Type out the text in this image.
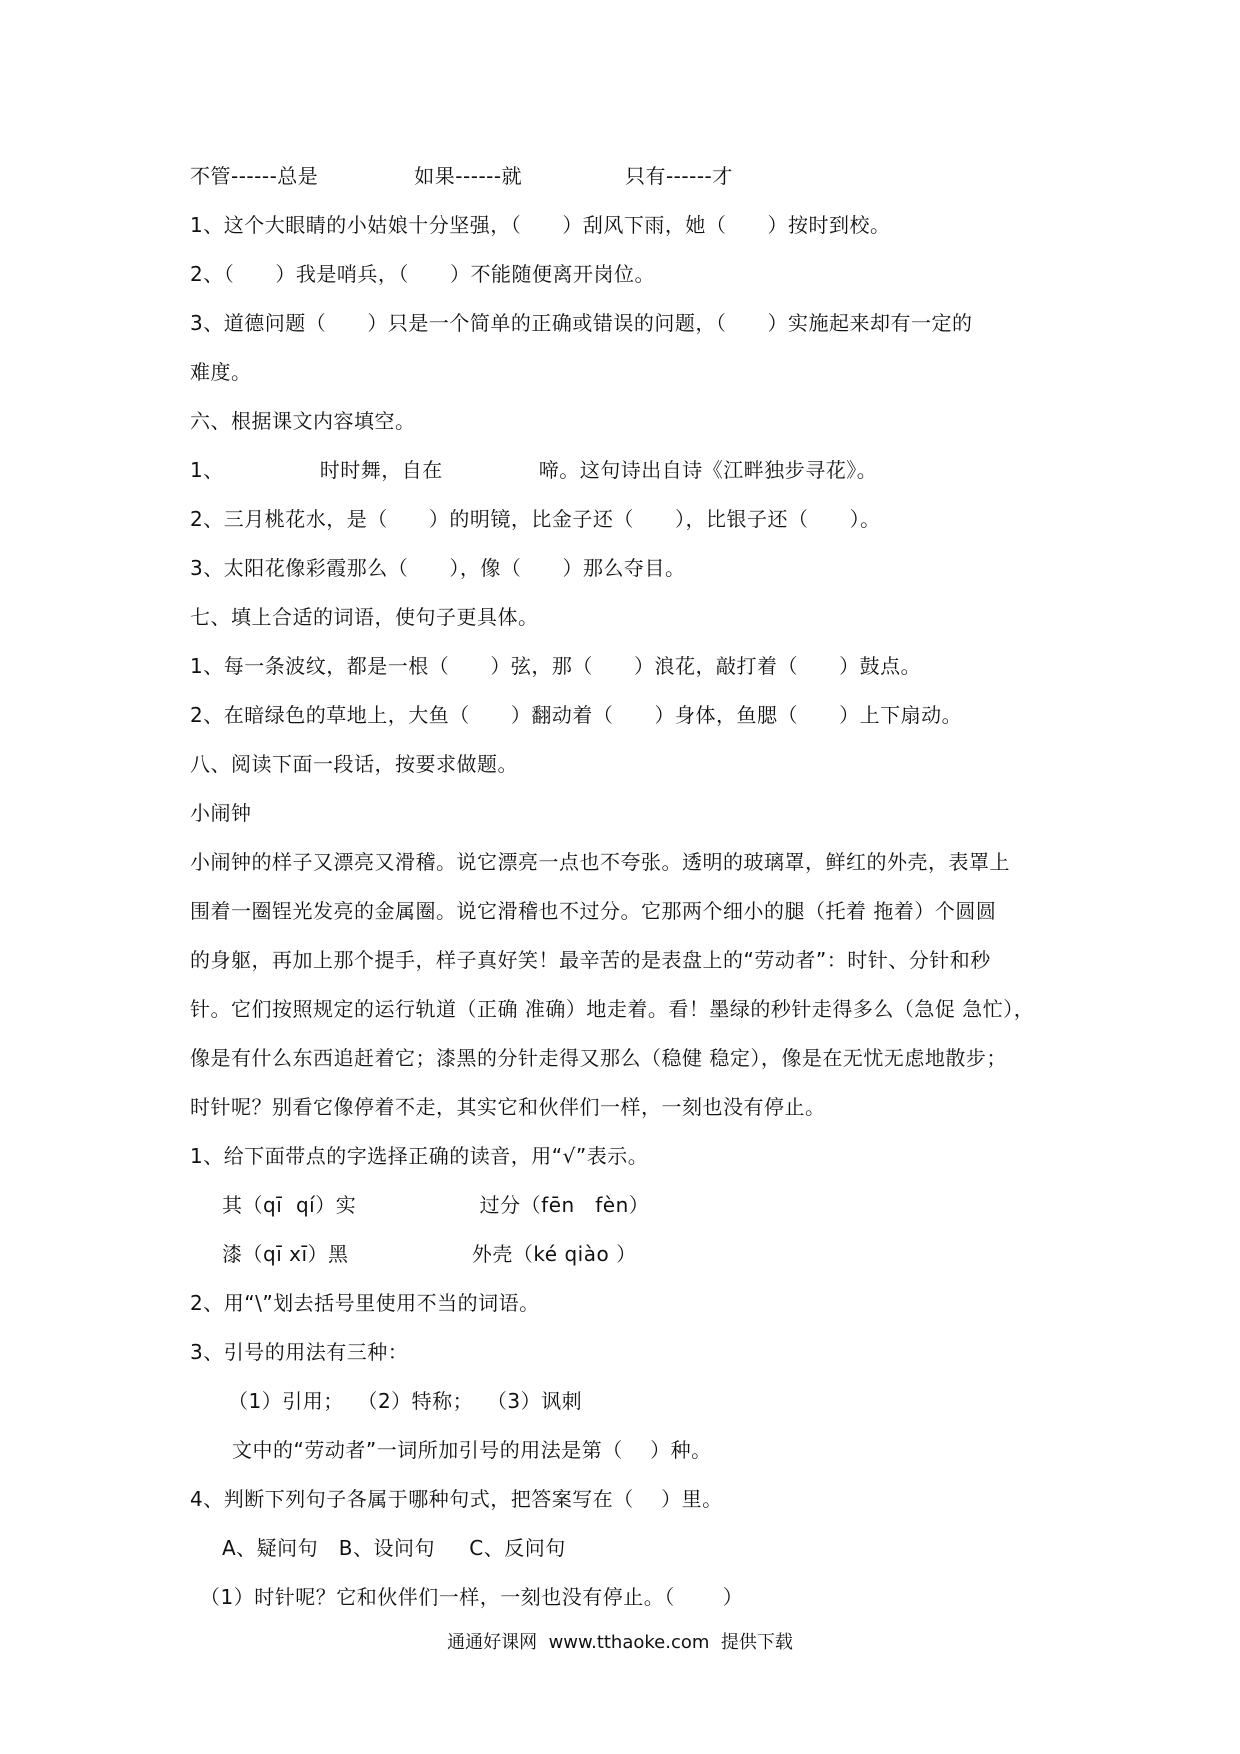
不管------总是              如果------就               只有------才
1、这个大眼睛的小姑娘十分坚强，（      ）刮风下雨，她（      ）按时到校。
2、（      ）我是哨兵，（      ）不能随便离开岗位。
3、道德问题（      ）只是一个简单的正确或错误的问题，（      ）实施起来却有一定的
难度。
六、根据课文内容填空。
1、              时时舞，自在              啼。这句诗出自诗《江畔独步寻花》。
2、三月桃花水，是（      ）的明镜，比金子还（      ），比银子还（      ）。
3、太阳花像彩霞那么（      ），像（      ）那么夺目。
七、填上合适的词语，使句子更具体。
1、每一条波纹，都是一根（      ）弦，那（      ）浪花，敲打着（      ）鼓点。
2、在暗绿色的草地上，大鱼（      ）翻动着（      ）身体，鱼腮（      ）上下扇动。
八、阅读下面一段话，按要求做题。
小闹钟
小闹钟的样子又漂亮又滑稽。说它漂亮一点也不夸张。透明的玻璃罩，鲜红的外壳，表罩上
围着一圈锃光发亮的金属圈。说它滑稽也不过分。它那两个细小的腿（托着 拖着）个圆圆
的身躯，再加上那个提手，样子真好笑！最辛苦的是表盘上的“劳动者”：时针、分针和秒
针。它们按照规定的运行轨道（正确 准确）地走着。看！墨绿的秒针走得多么（急促 急忙），
像是有什么东西追赶着它；漆黑的分针走得又那么（稳健 稳定），像是在无忧无虑地散步；
时针呢？别看它像停着不走，其实它和伙伴们一样，一刻也没有停止。
1、给下面带点的字选择正确的读音，用“√”表示。
其（qī  qí）实                  过分（fēn   fèn）
漆（qī xī）黑                  外壳（ké qiào ）
2、用“\”划去括号里使用不当的词语。
3、引号的用法有三种：
（1）引用；  （2）特称；  （3）讽刺
文中的“劳动者”一词所加引号的用法是第（    ）种。
4、判断下列句子各属于哪种句式，把答案写在（    ）里。
A、疑问句   B、设问句     C、反问句
（1）时针呢？它和伙伴们一样，一刻也没有停止。（       ）
通通好课网  www.tthaoke.com  提供下载
